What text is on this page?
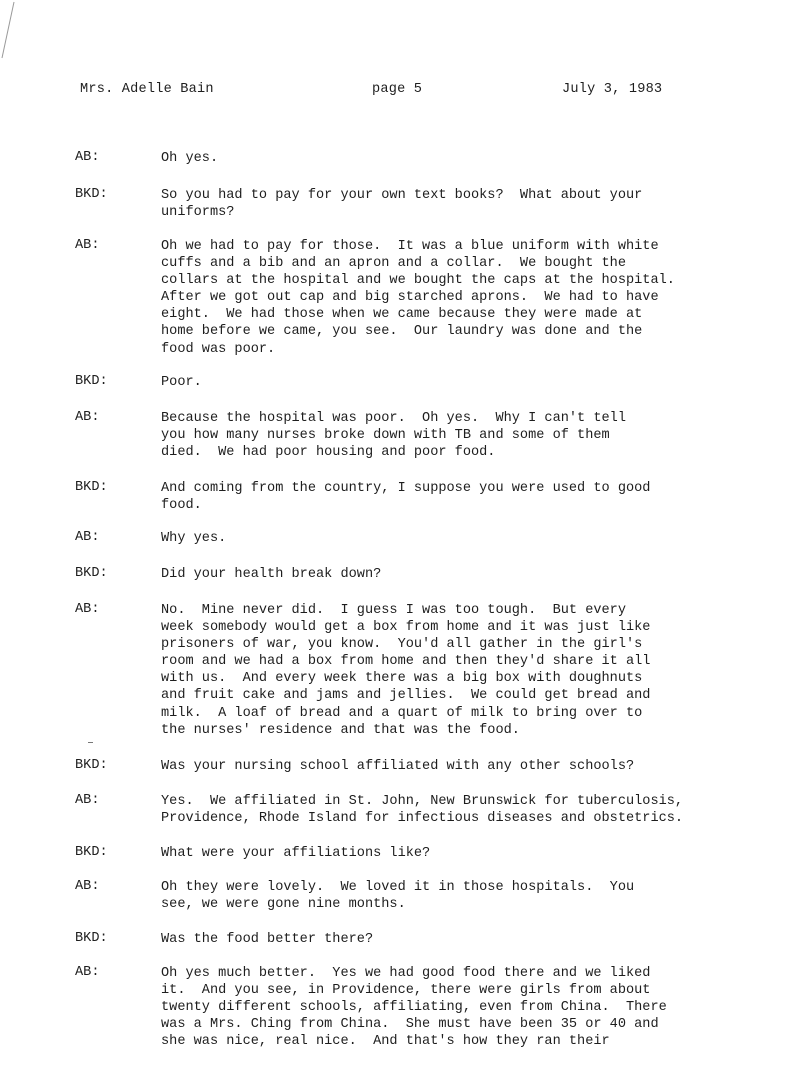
Mrs. Adelle Bain	page 5	July 3, 1983
AB:	Oh yes.
BKD:	So you had to pay for your own text books?  What about your
uniforms?
AB:	Oh we had to pay for those.  It was a blue uniform with white
cuffs and a bib and an apron and a collar.  We bought the
collars at the hospital and we bought the caps at the hospital.
After we got out cap and big starched aprons.  We had to have
eight.  We had those when we came because they were made at
home before we came, you see.  Our laundry was done and the
food was poor.
BKD:	Poor.
AB:	Because the hospital was poor.  Oh yes.  Why I can't tell
you how many nurses broke down with TB and some of them
died.  We had poor housing and poor food.
BKD:	And coming from the country, I suppose you were used to good
food.
AB:	Why yes.
BKD:	Did your health break down?
AB:	No.  Mine never did.  I guess I was too tough.  But every
week somebody would get a box from home and it was just like
prisoners of war, you know.  You'd all gather in the girl's
room and we had a box from home and then they'd share it all
with us.  And every week there was a big box with doughnuts
and fruit cake and jams and jellies.  We could get bread and
milk.  A loaf of bread and a quart of milk to bring over to
the nurses' residence and that was the food.
BKD:	Was your nursing school affiliated with any other schools?
AB:	Yes.  We affiliated in St. John, New Brunswick for tuberculosis,
Providence, Rhode Island for infectious diseases and obstetrics.
BKD:	What were your affiliations like?
AB:	Oh they were lovely.  We loved it in those hospitals.  You
see, we were gone nine months.
BKD:	Was the food better there?
AB:	Oh yes much better.  Yes we had good food there and we liked
it.  And you see, in Providence, there were girls from about
twenty different schools, affiliating, even from China.  There
was a Mrs. Ching from China.  She must have been 35 or 40 and
she was nice, real nice.  And that's how they ran their
